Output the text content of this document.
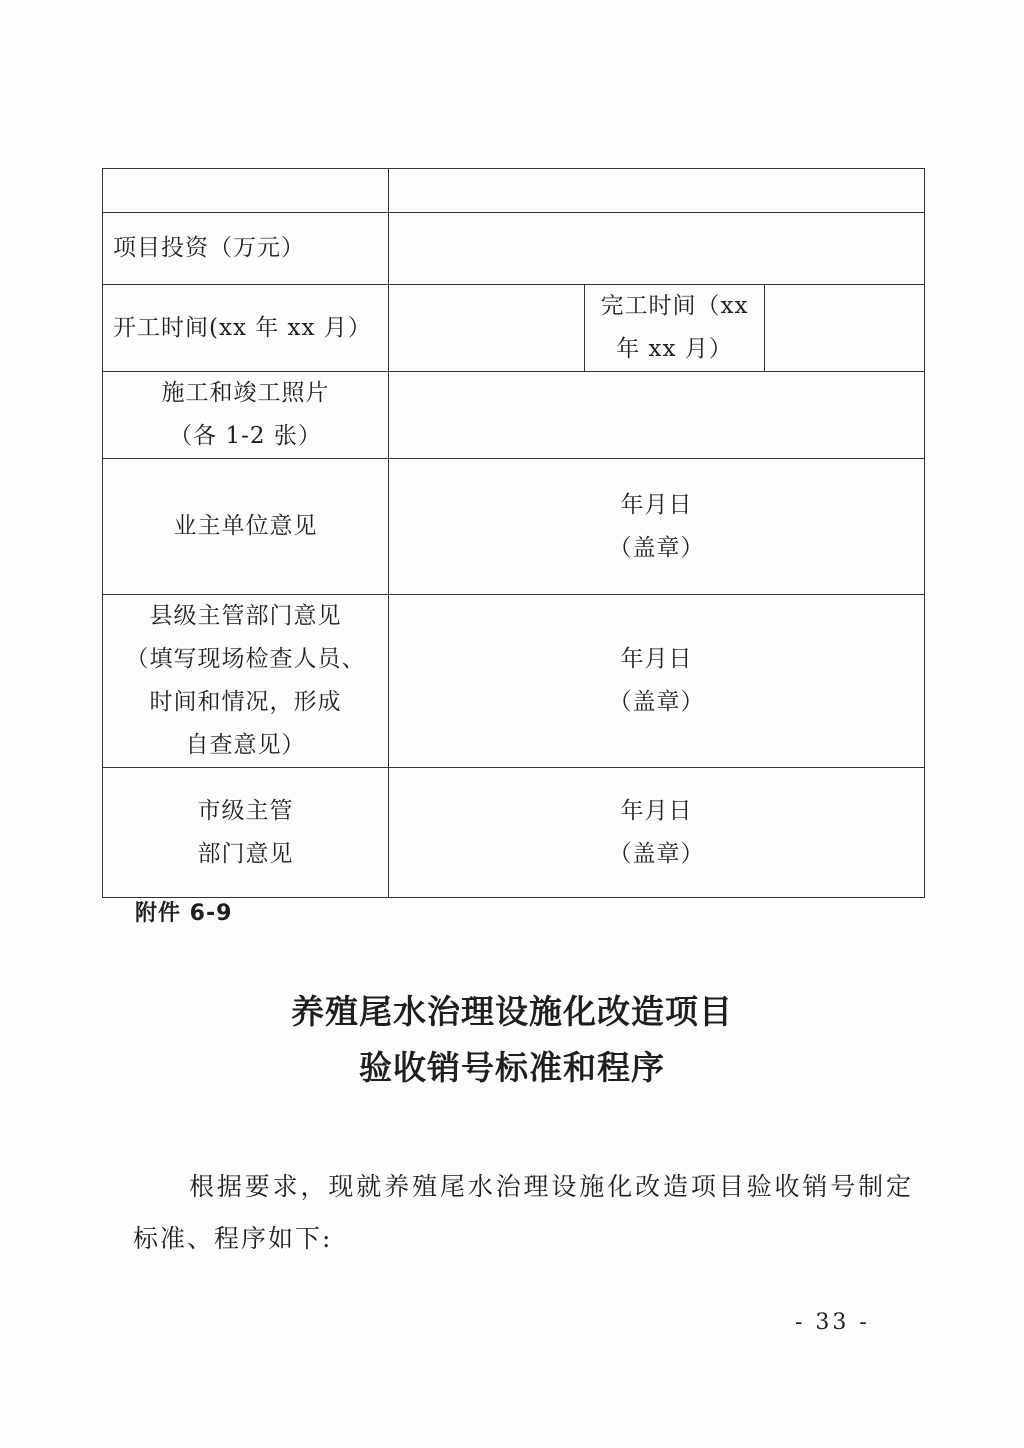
项目投资（万元）			
开工时间(xx 年 xx 月）		完工时间（xx
年 xx 月）	

施工和竣工照片
（各 1-2 张）			

业主单位意见	年月日
（盖章）		

县级主管部门意见
（填写现场检查人员、
时间和情况，形成
自查意见）	年月日
（盖章）		

市级主管
部门意见	年月日
（盖章）		
附件 6-9
养殖尾水治理设施化改造项目
验收销号标准和程序

根据要求，现就养殖尾水治理设施化改造项目验收销号制定标准、程序如下:

- 33 -
